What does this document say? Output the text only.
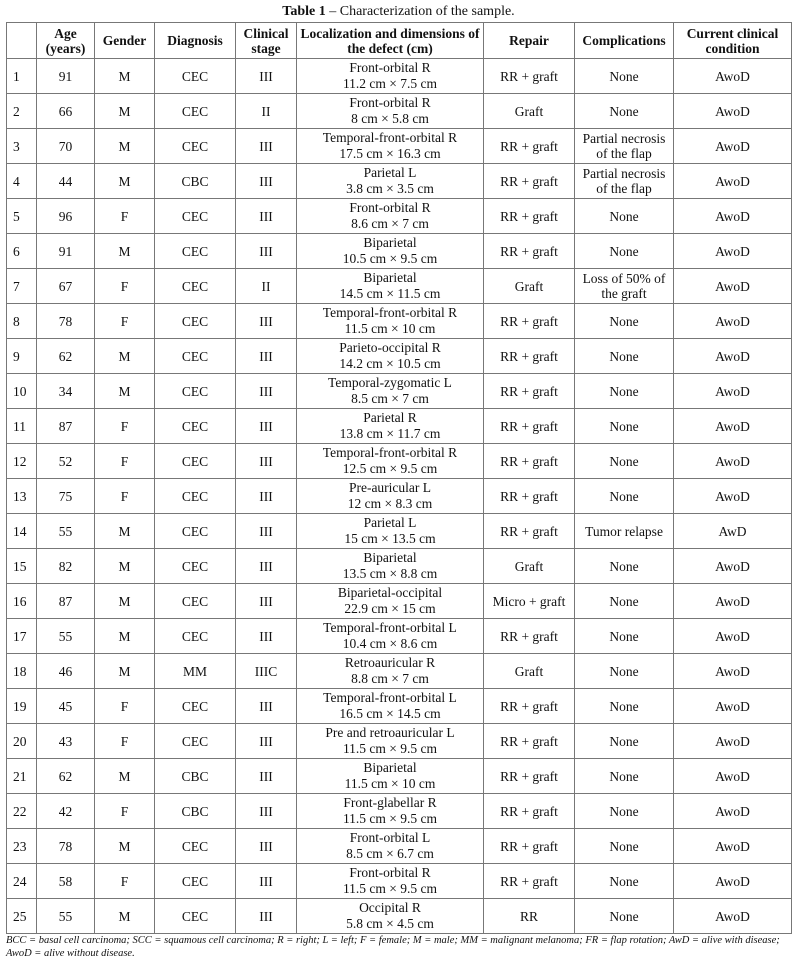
Table 1 – Characterization of the sample.
	Age (years)	Gender	Diagnosis	Clinical stage	Localization and dimensions of the defect (cm)	Repair	Complications	Current clinical condition
1	91	M	CEC	III	Front-orbital R
11.2 cm × 7.5 cm	RR + graft	None	AwoD
2	66	M	CEC	II	Front-orbital R
8 cm × 5.8 cm	Graft	None	AwoD
3	70	M	CEC	III	Temporal-front-orbital R
17.5 cm × 16.3 cm	RR + graft	Partial necrosis of the flap	AwoD
4	44	M	CBC	III	Parietal L
3.8 cm × 3.5 cm	RR + graft	Partial necrosis of the flap	AwoD
5	96	F	CEC	III	Front-orbital R
8.6 cm × 7 cm	RR + graft	None	AwoD
6	91	M	CEC	III	Biparietal
10.5 cm × 9.5 cm	RR + graft	None	AwoD
7	67	F	CEC	II	Biparietal
14.5 cm × 11.5 cm	Graft	Loss of 50% of the graft	AwoD
8	78	F	CEC	III	Temporal-front-orbital R
11.5 cm × 10 cm	RR + graft	None	AwoD
9	62	M	CEC	III	Parieto-occipital R
14.2 cm × 10.5 cm	RR + graft	None	AwoD
10	34	M	CEC	III	Temporal-zygomatic L
8.5 cm × 7 cm	RR + graft	None	AwoD
11	87	F	CEC	III	Parietal R
13.8 cm × 11.7 cm	RR + graft	None	AwoD
12	52	F	CEC	III	Temporal-front-orbital R
12.5 cm × 9.5 cm	RR + graft	None	AwoD
13	75	F	CEC	III	Pre-auricular L
12 cm × 8.3 cm	RR + graft	None	AwoD
14	55	M	CEC	III	Parietal L
15 cm × 13.5 cm	RR + graft	Tumor relapse	AwD
15	82	M	CEC	III	Biparietal
13.5 cm × 8.8 cm	Graft	None	AwoD
16	87	M	CEC	III	Biparietal-occipital
22.9 cm × 15 cm	Micro + graft	None	AwoD
17	55	M	CEC	III	Temporal-front-orbital L
10.4 cm × 8.6 cm	RR + graft	None	AwoD
18	46	M	MM	IIIC	Retroauricular R
8.8 cm × 7 cm	Graft	None	AwoD
19	45	F	CEC	III	Temporal-front-orbital L
16.5 cm × 14.5 cm	RR + graft	None	AwoD
20	43	F	CEC	III	Pre and retroauricular L
11.5 cm × 9.5 cm	RR + graft	None	AwoD
21	62	M	CBC	III	Biparietal
11.5 cm × 10 cm	RR + graft	None	AwoD
22	42	F	CBC	III	Front-glabellar R
11.5 cm × 9.5 cm	RR + graft	None	AwoD
23	78	M	CEC	III	Front-orbital L
8.5 cm × 6.7 cm	RR + graft	None	AwoD
24	58	F	CEC	III	Front-orbital R
11.5 cm × 9.5 cm	RR + graft	None	AwoD
25	55	M	CEC	III	Occipital R
5.8 cm × 4.5 cm	RR	None	AwoD
BCC = basal cell carcinoma; SCC = squamous cell carcinoma; R = right; L = left; F = female; M = male; MM = malignant melanoma; FR = flap rotation; AwD = alive with disease; AwoD = alive without disease.
